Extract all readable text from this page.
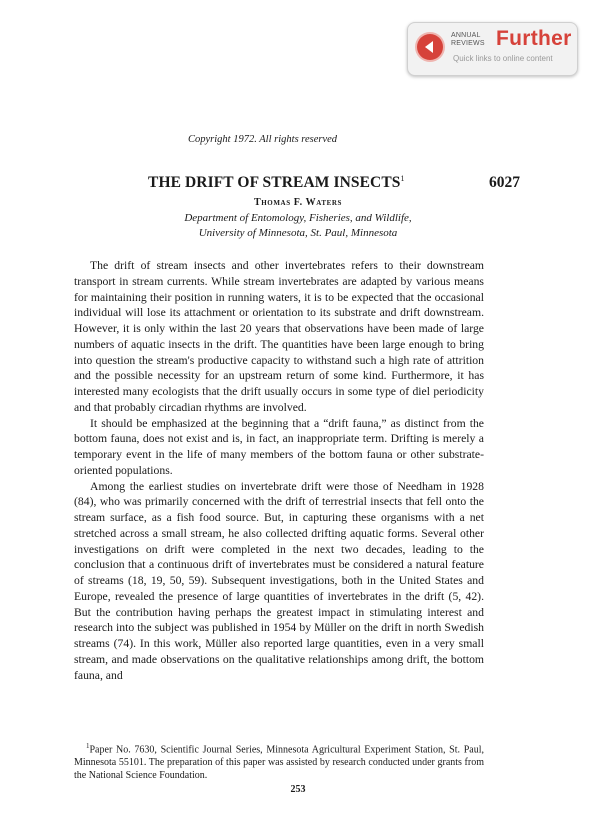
ANNUAL
REVIEWS Further
Quick links to online content
Copyright 1972. All rights reserved
THE DRIFT OF STREAM INSECTS$^1$	6027
Thomas F. Waters
Department of Entomology, Fisheries, and Wildlife,
University of Minnesota, St. Paul, Minnesota

The drift of stream insects and other invertebrates refers to their downstream transport in stream currents. While stream invertebrates are adapted by various means for maintaining their position in running waters, it is to be expected that the occasional individual will lose its attachment or orientation to its substrate and drift downstream. However, it is only within the last 20 years that observations have been made of large numbers of aquatic insects in the drift. The quantities have been large enough to bring into question the stream's productive capacity to withstand such a high rate of attrition and the possible necessity for an upstream return of some kind. Furthermore, it has interested many ecologists that the drift usually occurs in some type of diel periodicity and that probably circadian rhythms are involved.

It should be emphasized at the beginning that a “drift fauna,” as distinct from the bottom fauna, does not exist and is, in fact, an inappropriate term. Drifting is merely a temporary event in the life of many members of the bottom fauna or other substrate-oriented populations.

Among the earliest studies on invertebrate drift were those of Needham in 1928 (84), who was primarily concerned with the drift of terrestrial insects that fell onto the stream surface, as a fish food source. But, in capturing these organisms with a net stretched across a small stream, he also collected drifting aquatic forms. Several other investigations on drift were completed in the next two decades, leading to the conclusion that a continuous drift of invertebrates must be considered a natural feature of streams (18, 19, 50, 59). Subsequent investigations, both in the United States and Europe, revealed the presence of large quantities of invertebrates in the drift (5, 42). But the contribution having perhaps the greatest impact in stimulating interest and research into the subject was published in 1954 by Müller on the drift in north Swedish streams (74). In this work, Müller also reported large quantities, even in a very small stream, and made observations on the qualitative relationships among drift, the bottom fauna, and

$^1$Paper No. 7630, Scientific Journal Series, Minnesota Agricultural Experiment Station, St. Paul, Minnesota 55101. The preparation of this paper was assisted by research conducted under grants from the National Science Foundation.

253
